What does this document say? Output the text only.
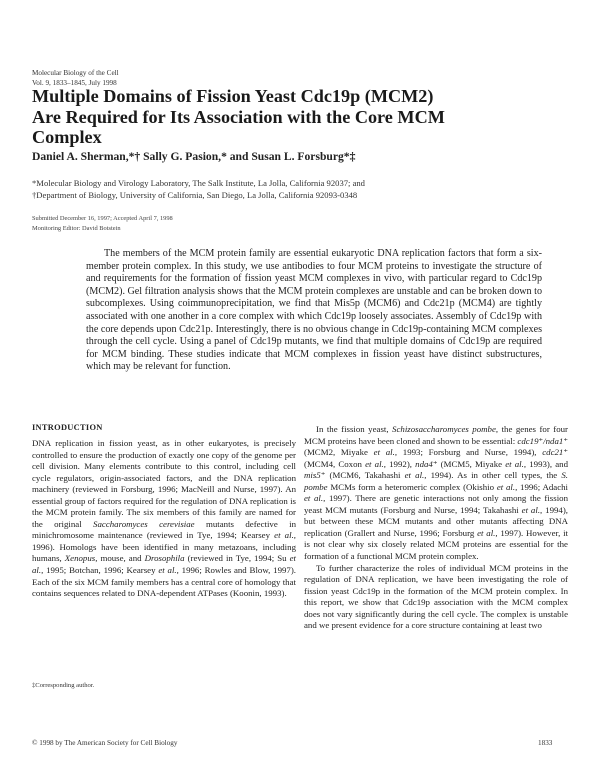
Molecular Biology of the Cell
Vol. 9, 1833–1845, July 1998
Multiple Domains of Fission Yeast Cdc19p (MCM2)
Are Required for Its Association with the Core MCM
Complex
Daniel A. Sherman,*† Sally G. Pasion,* and Susan L. Forsburg*‡
*Molecular Biology and Virology Laboratory, The Salk Institute, La Jolla, California 92037; and
†Department of Biology, University of California, San Diego, La Jolla, California 92093-0348
Submitted December 16, 1997; Accepted April 7, 1998
Monitoring Editor: David Botstein
The members of the MCM protein family are essential eukaryotic DNA replication factors that form a six-member protein complex. In this study, we use antibodies to four MCM proteins to investigate the structure of and requirements for the formation of fission yeast MCM complexes in vivo, with particular regard to Cdc19p (MCM2). Gel filtration analysis shows that the MCM protein complexes are unstable and can be broken down to subcomplexes. Using coimmunoprecipitation, we find that Mis5p (MCM6) and Cdc21p (MCM4) are tightly associated with one another in a core complex with which Cdc19p loosely associates. Assembly of Cdc19p with the core depends upon Cdc21p. Interestingly, there is no obvious change in Cdc19p-containing MCM complexes through the cell cycle. Using a panel of Cdc19p mutants, we find that multiple domains of Cdc19p are required for MCM binding. These studies indicate that MCM complexes in fission yeast have distinct substructures, which may be relevant for function.
INTRODUCTION

DNA replication in fission yeast, as in other eukaryotes, is precisely controlled to ensure the production of exactly one copy of the genome per cell division. Many elements contribute to this control, including cell cycle regulators, origin-associated factors, and the DNA replication machinery (reviewed in Forsburg, 1996; MacNeill and Nurse, 1997). An essential group of factors required for the regulation of DNA replication is the MCM protein family. The six members of this family are named for the original Saccharomyces cerevisiae mutants defective in minichromosome maintenance (reviewed in Tye, 1994; Kearsey et al., 1996). Homologs have been identified in many metazoans, including humans, Xenopus, mouse, and Drosophila (reviewed in Tye, 1994; Su et al., 1995; Botchan, 1996; Kearsey et al., 1996; Rowles and Blow, 1997). Each of the six MCM family members has a central core of homology that contains sequences related to DNA-dependent ATPases (Koonin, 1993).

In the fission yeast, Schizosaccharomyces pombe, the genes for four MCM proteins have been cloned and shown to be essential: cdc19⁺/nda1⁺ (MCM2, Miyake et al., 1993; Forsburg and Nurse, 1994), cdc21⁺ (MCM4, Coxon et al., 1992), nda4⁺ (MCM5, Miyake et al., 1993), and mis5⁺ (MCM6, Takahashi et al., 1994). As in other cell types, the S. pombe MCMs form a heteromeric complex (Okishio et al., 1996; Adachi et al., 1997). There are genetic interactions not only among the fission yeast MCM mutants (Forsburg and Nurse, 1994; Takahashi et al., 1994), but between these MCM mutants and other mutants affecting DNA replication (Grallert and Nurse, 1996; Forsburg et al., 1997). However, it is not clear why six closely related MCM proteins are essential for the formation of a functional MCM protein complex.

To further characterize the roles of individual MCM proteins in the regulation of DNA replication, we have been investigating the role of fission yeast Cdc19p in the formation of the MCM protein complex. In this report, we show that Cdc19p association with the MCM complex does not vary significantly during the cell cycle. The complex is unstable and we present evidence for a core structure containing at least two

‡Corresponding author.
© 1998 by The American Society for Cell Biology	1833
